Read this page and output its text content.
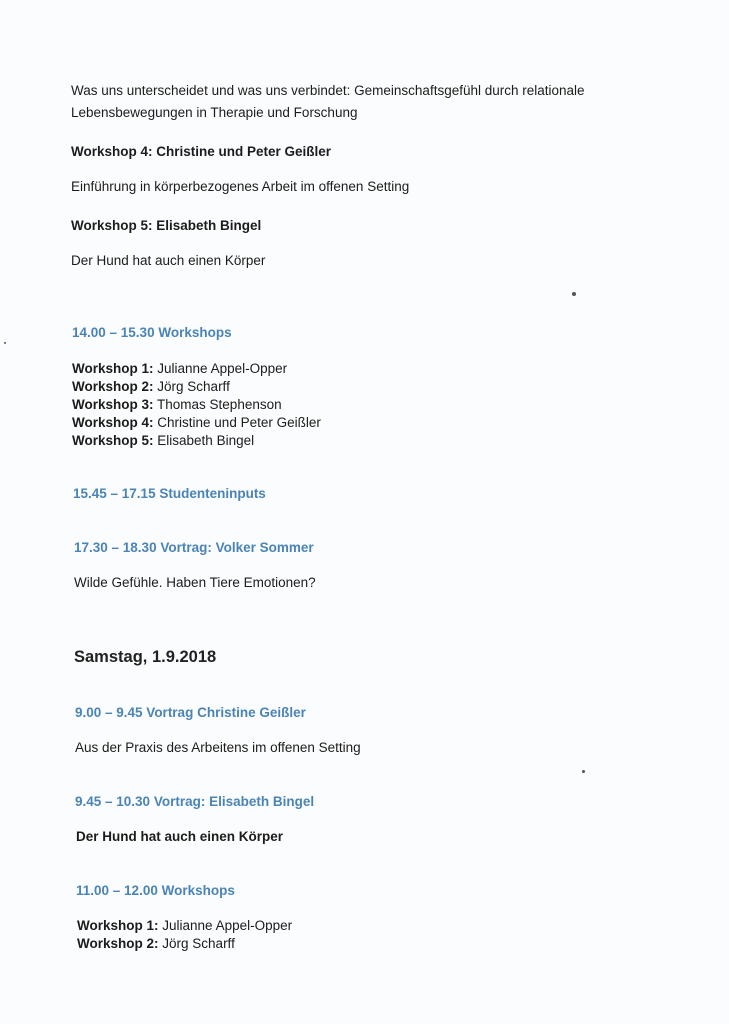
Was uns unterscheidet und was uns verbindet: Gemeinschaftsgefühl durch relationale
Lebensbewegungen in Therapie und Forschung
Workshop 4: Christine und Peter Geißler
Einführung in körperbezogenes Arbeit im offenen Setting
Workshop 5: Elisabeth Bingel
Der Hund hat auch einen Körper
14.00 – 15.30 Workshops
Workshop 1: Julianne Appel-Opper
Workshop 2: Jörg Scharff
Workshop 3: Thomas Stephenson
Workshop 4: Christine und Peter Geißler
Workshop 5: Elisabeth Bingel
15.45 – 17.15 Studenteninputs
17.30 – 18.30 Vortrag: Volker Sommer
Wilde Gefühle. Haben Tiere Emotionen?
Samstag, 1.9.2018
9.00 – 9.45 Vortrag Christine Geißler
Aus der Praxis des Arbeitens im offenen Setting
9.45 – 10.30 Vortrag: Elisabeth Bingel
Der Hund hat auch einen Körper
11.00 – 12.00 Workshops
Workshop 1: Julianne Appel-Opper
Workshop 2: Jörg Scharff
